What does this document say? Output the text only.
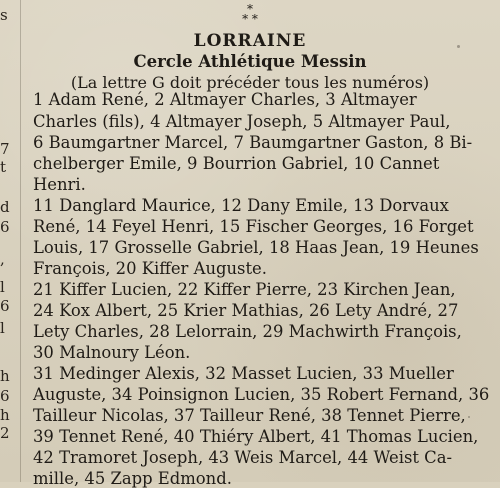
s
7
t
d
6
,
l
6
l
h
6
h
2
*
* *
LORRAINE
Cercle Athlétique Messin
(La lettre G doit précéder tous les numéros)
1 Adam René, 2 Altmayer Charles, 3 Altmayer
Charles (fils), 4 Altmayer Joseph, 5 Altmayer Paul,
6 Baumgartner Marcel, 7 Baumgartner Gaston, 8 Bi-
chelberger Emile, 9 Bourrion Gabriel, 10 Cannet
Henri.
11 Danglard Maurice, 12 Dany Emile, 13 Dorvaux
René, 14 Feyel Henri, 15 Fischer Georges, 16 Forget
Louis, 17 Grosselle Gabriel, 18 Haas Jean, 19 Heunes
François, 20 Kiffer Auguste.
21 Kiffer Lucien, 22 Kiffer Pierre, 23 Kirchen Jean,
24 Kox Albert, 25 Krier Mathias, 26 Lety André, 27
Lety Charles, 28 Lelorrain, 29 Machwirth François,
30 Malnoury Léon.
31 Medinger Alexis, 32 Masset Lucien, 33 Mueller
Auguste, 34 Poinsignon Lucien, 35 Robert Fernand, 36
Tailleur Nicolas, 37 Tailleur René, 38 Tennet Pierre,
39 Tennet René, 40 Thiéry Albert, 41 Thomas Lucien,
42 Tramoret Joseph, 43 Weis Marcel, 44 Weist Ca-
mille, 45 Zapp Edmond.
